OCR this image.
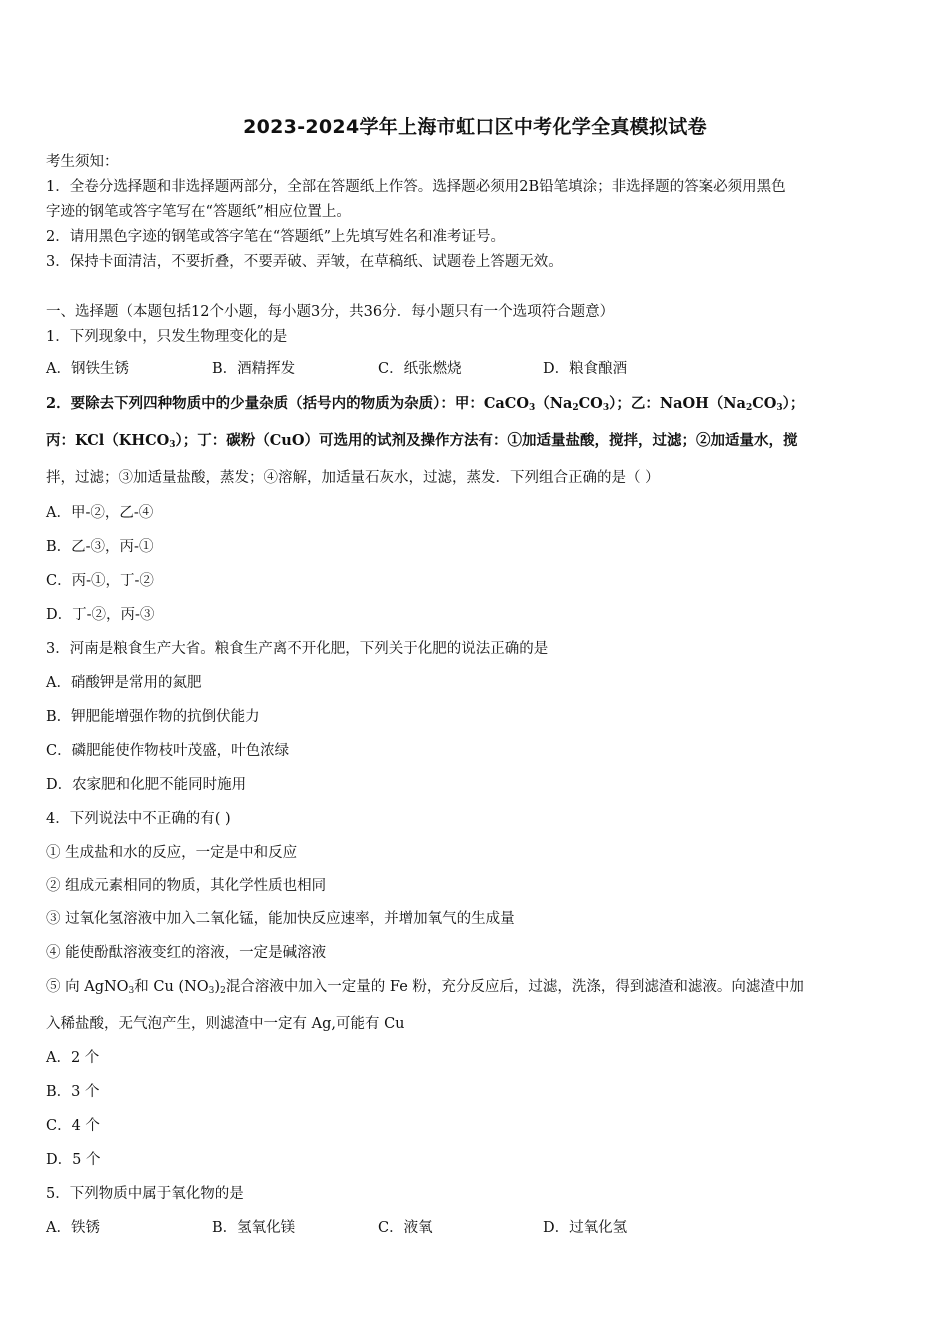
2023-2024学年上海市虹口区中考化学全真模拟试卷
考生须知：
1．全卷分选择题和非选择题两部分，全部在答题纸上作答。选择题必须用2B铅笔填涂；非选择题的答案必须用黑色
字迹的钢笔或答字笔写在“答题纸”相应位置上。
2．请用黑色字迹的钢笔或答字笔在“答题纸”上先填写姓名和准考证号。
3．保持卡面清洁，不要折叠，不要弄破、弄皱，在草稿纸、试题卷上答题无效。
一、选择题（本题包括12个小题，每小题3分，共36分．每小题只有一个选项符合题意）
1．下列现象中，只发生物理变化的是
A．钢铁生锈	B．酒精挥发	C．纸张燃烧	D．粮食酿酒
2．要除去下列四种物质中的少量杂质（括号内的物质为杂质）：甲：$CaCO_3(Na_2CO_3)$；乙：$NaOH(Na_2CO_3)$；
丙：$KCl(KHCO_3)$；丁：碳粉（CuO）可选用的试剂及操作方法有：①加适量盐酸，搅拌，过滤；②加适量水，搅
拌，过滤；③加适量盐酸，蒸发；④溶解，加适量石灰水，过滤，蒸发．下列组合正确的是（ ）
A．甲-②，乙-④
B．乙-③，丙-①
C．丙-①，丁-②
D．丁-②，丙-③
3．河南是粮食生产大省。粮食生产离不开化肥，下列关于化肥的说法正确的是
A．硝酸钾是常用的氮肥
B．钾肥能增强作物的抗倒伏能力
C．磷肥能使作物枝叶茂盛，叶色浓绿
D．农家肥和化肥不能同时施用
4．下列说法中不正确的有( )
① 生成盐和水的反应，一定是中和反应
② 组成元素相同的物质，其化学性质也相同
③ 过氧化氢溶液中加入二氧化锰，能加快反应速率，并增加氧气的生成量
④ 能使酚酞溶液变红的溶液，一定是碱溶液
⑤ 向 AgNO$_3$和 Cu $(NO_3)_2$混合溶液中加入一定量的 Fe 粉，充分反应后，过滤，洗涤，得到滤渣和滤液。向滤渣中加
入稀盐酸，无气泡产生，则滤渣中一定有 Ag,可能有 Cu
A．2 个
B．3 个
C．4 个
D．5 个
5．下列物质中属于氧化物的是
A．铁锈	B．氢氧化镁	C．液氧	D．过氧化氢
